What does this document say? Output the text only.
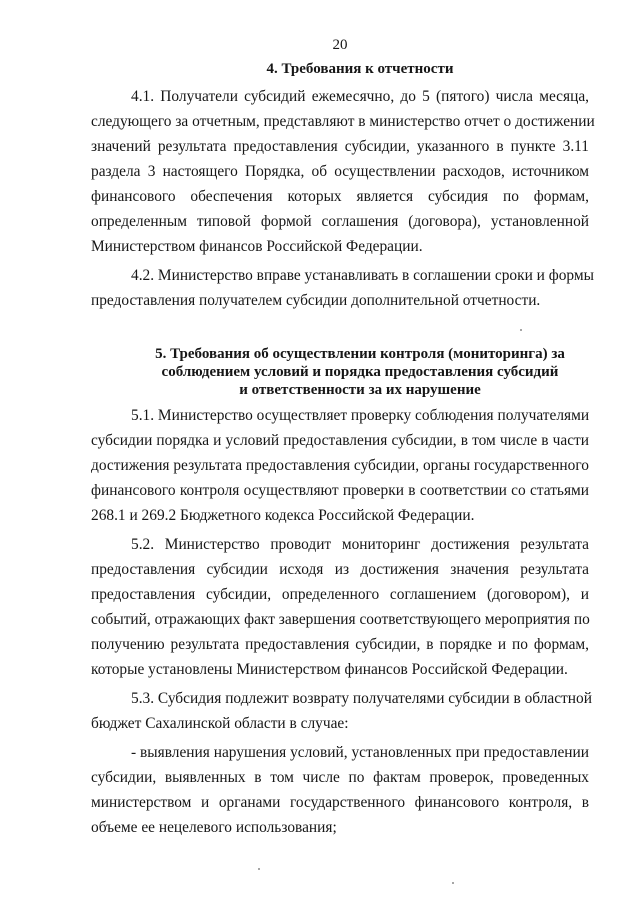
20
4. Требования к отчетности
4.1. Получатели субсидий ежемесячно, до 5 (пятого) числа месяца,
следующего за отчетным, представляют в министерство отчет о достижении
значений результата предоставления субсидии, указанного в пункте 3.11
раздела 3 настоящего Порядка, об осуществлении расходов, источником
финансового обеспечения которых является субсидия по формам,
определенным типовой формой соглашения (договора), установленной
Министерством финансов Российской Федерации.
4.2. Министерство вправе устанавливать в соглашении сроки и формы
предоставления получателем субсидии дополнительной отчетности.
5. Требования об осуществлении контроля (мониторинга) за
соблюдением условий и порядка предоставления субсидий
и ответственности за их нарушение
5.1. Министерство осуществляет проверку соблюдения получателями
субсидии порядка и условий предоставления субсидии, в том числе в части
достижения результата предоставления субсидии, органы государственного
финансового контроля осуществляют проверки в соответствии со статьями
268.1 и 269.2 Бюджетного кодекса Российской Федерации.
5.2. Министерство проводит мониторинг достижения результата
предоставления субсидии исходя из достижения значения результата
предоставления субсидии, определенного соглашением (договором), и
событий, отражающих факт завершения соответствующего мероприятия по
получению результата предоставления субсидии, в порядке и по формам,
которые установлены Министерством финансов Российской Федерации.
5.3. Субсидия подлежит возврату получателями субсидии в областной
бюджет Сахалинской области в случае:
- выявления нарушения условий, установленных при предоставлении
субсидии, выявленных в том числе по фактам проверок, проведенных
министерством и органами государственного финансового контроля, в
объеме ее нецелевого использования;
